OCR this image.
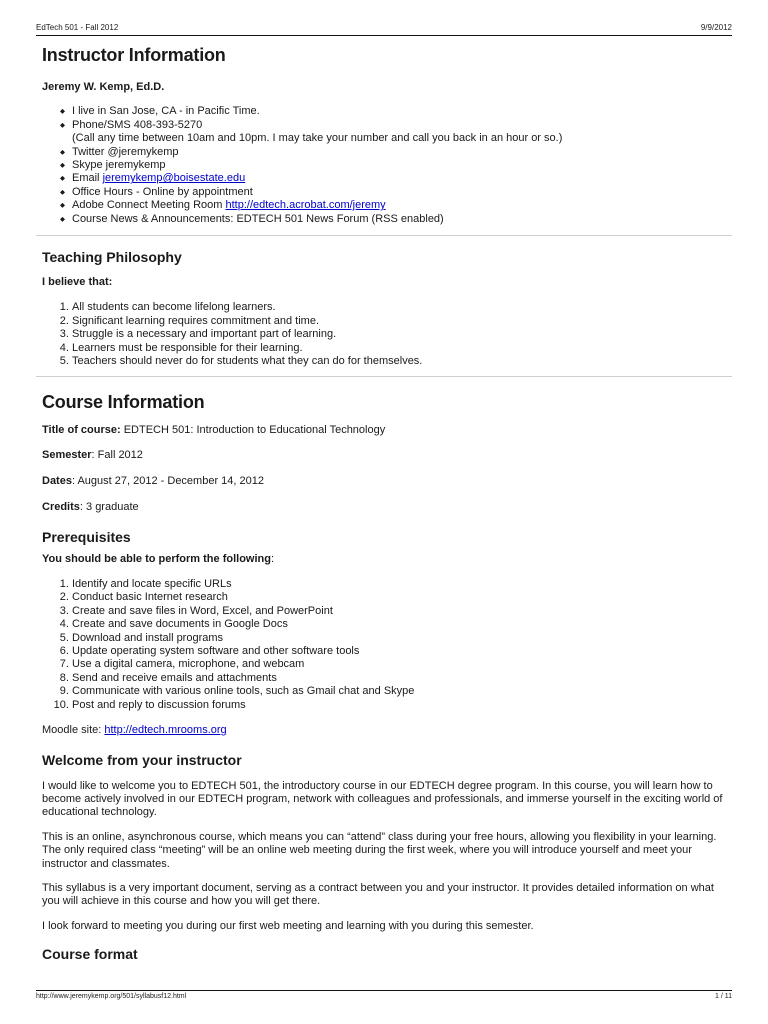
EdTech 501 - Fall 2012	9/9/2012
Instructor Information

Jeremy W. Kemp, Ed.D.

◆ I live in San Jose, CA - in Pacific Time.
◆ Phone/SMS 408-393-5270
(Call any time between 10am and 10pm. I may take your number and call you back in an hour or so.)
◆ Twitter @jeremykemp
◆ Skype jeremykemp
◆ Email jeremykemp@boisestate.edu
◆ Office Hours - Online by appointment
◆ Adobe Connect Meeting Room http://edtech.acrobat.com/jeremy
◆ Course News & Announcements: EDTECH 501 News Forum (RSS enabled)
Teaching Philosophy

I believe that:

1. All students can become lifelong learners.
2. Significant learning requires commitment and time.
3. Struggle is a necessary and important part of learning.
4. Learners must be responsible for their learning.
5. Teachers should never do for students what they can do for themselves.
Course Information

Title of course: EDTECH 501: Introduction to Educational Technology

Semester: Fall 2012

Dates: August 27, 2012 - December 14, 2012

Credits: 3 graduate

Prerequisites

You should be able to perform the following:

1. Identify and locate specific URLs
2. Conduct basic Internet research
3. Create and save files in Word, Excel, and PowerPoint
4. Create and save documents in Google Docs
5. Download and install programs
6. Update operating system software and other software tools
7. Use a digital camera, microphone, and webcam
8. Send and receive emails and attachments
9. Communicate with various online tools, such as Gmail chat and Skype
10. Post and reply to discussion forums

Moodle site: http://edtech.mrooms.org

Welcome from your instructor

I would like to welcome you to EDTECH 501, the introductory course in our EDTECH degree program. In this course, you will learn how to become actively involved in our EDTECH program, network with colleagues and professionals, and immerse yourself in the exciting world of educational technology.

This is an online, asynchronous course, which means you can “attend” class during your free hours, allowing you flexibility in your learning. The only required class “meeting” will be an online web meeting during the first week, where you will introduce yourself and meet your instructor and classmates.

This syllabus is a very important document, serving as a contract between you and your instructor. It provides detailed information on what you will achieve in this course and how you will get there.

I look forward to meeting you during our first web meeting and learning with you during this semester.

Course format
http://www.jeremykemp.org/501/syllabusf12.html	1 / 11
